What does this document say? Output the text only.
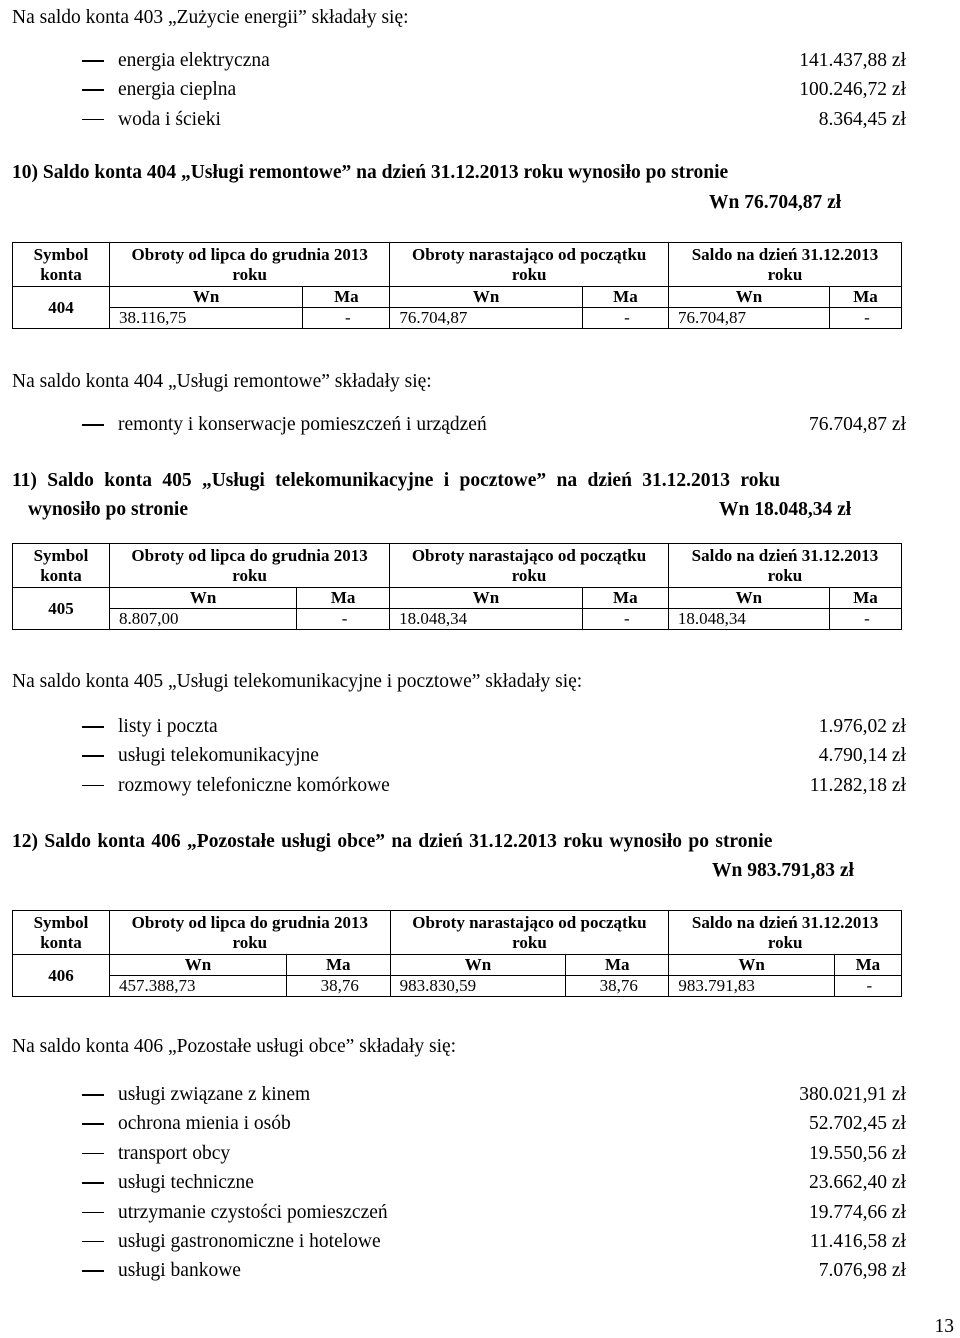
Na saldo konta 403 „Zużycie energii” składały się:
energia elektryczna	141.437,88 zł
energia cieplna	100.246,72 zł
woda i ścieki	8.364,45 zł
10) Saldo konta 404 „Usługi remontowe” na dzień 31.12.2013 roku wynosiło po stronie
Wn 76.704,87 zł
Symbol konta	Obroty od lipca do grudnia 2013 roku		Obroty narastająco od początku roku		Saldo na dzień 31.12.2013 roku	
404	Wn	Ma	Wn	Ma	Wn	Ma
	38.116,75	-	76.704,87	-	76.704,87	-
Na saldo konta 404 „Usługi remontowe” składały się:
remonty i konserwacje pomieszczeń i urządzeń	76.704,87 zł
11) Saldo konta 405 „Usługi telekomunikacyjne i pocztowe” na dzień 31.12.2013 roku
wynosiło po stronie	Wn 18.048,34 zł
Symbol konta	Obroty od lipca do grudnia 2013 roku		Obroty narastająco od początku roku		Saldo na dzień 31.12.2013 roku	
405	Wn	Ma	Wn	Ma	Wn	Ma
	8.807,00	-	18.048,34	-	18.048,34	-
Na saldo konta 405 „Usługi telekomunikacyjne i pocztowe” składały się:
listy i poczta	1.976,02 zł
usługi telekomunikacyjne	4.790,14 zł
rozmowy telefoniczne komórkowe	11.282,18 zł
12) Saldo konta 406 „Pozostałe usługi obce” na dzień 31.12.2013 roku wynosiło po stronie
Wn 983.791,83 zł
Symbol konta	Obroty od lipca do grudnia 2013 roku		Obroty narastająco od początku roku		Saldo na dzień 31.12.2013 roku	
406	Wn	Ma	Wn	Ma	Wn	Ma
	457.388,73	38,76	983.830,59	38,76	983.791,83	-
Na saldo konta 406 „Pozostałe usługi obce” składały się:
usługi związane z kinem	380.021,91 zł
ochrona mienia i osób	52.702,45 zł
transport obcy	19.550,56 zł
usługi techniczne	23.662,40 zł
utrzymanie czystości pomieszczeń	19.774,66 zł
usługi gastronomiczne i hotelowe	11.416,58 zł
usługi bankowe	7.076,98 zł
13
